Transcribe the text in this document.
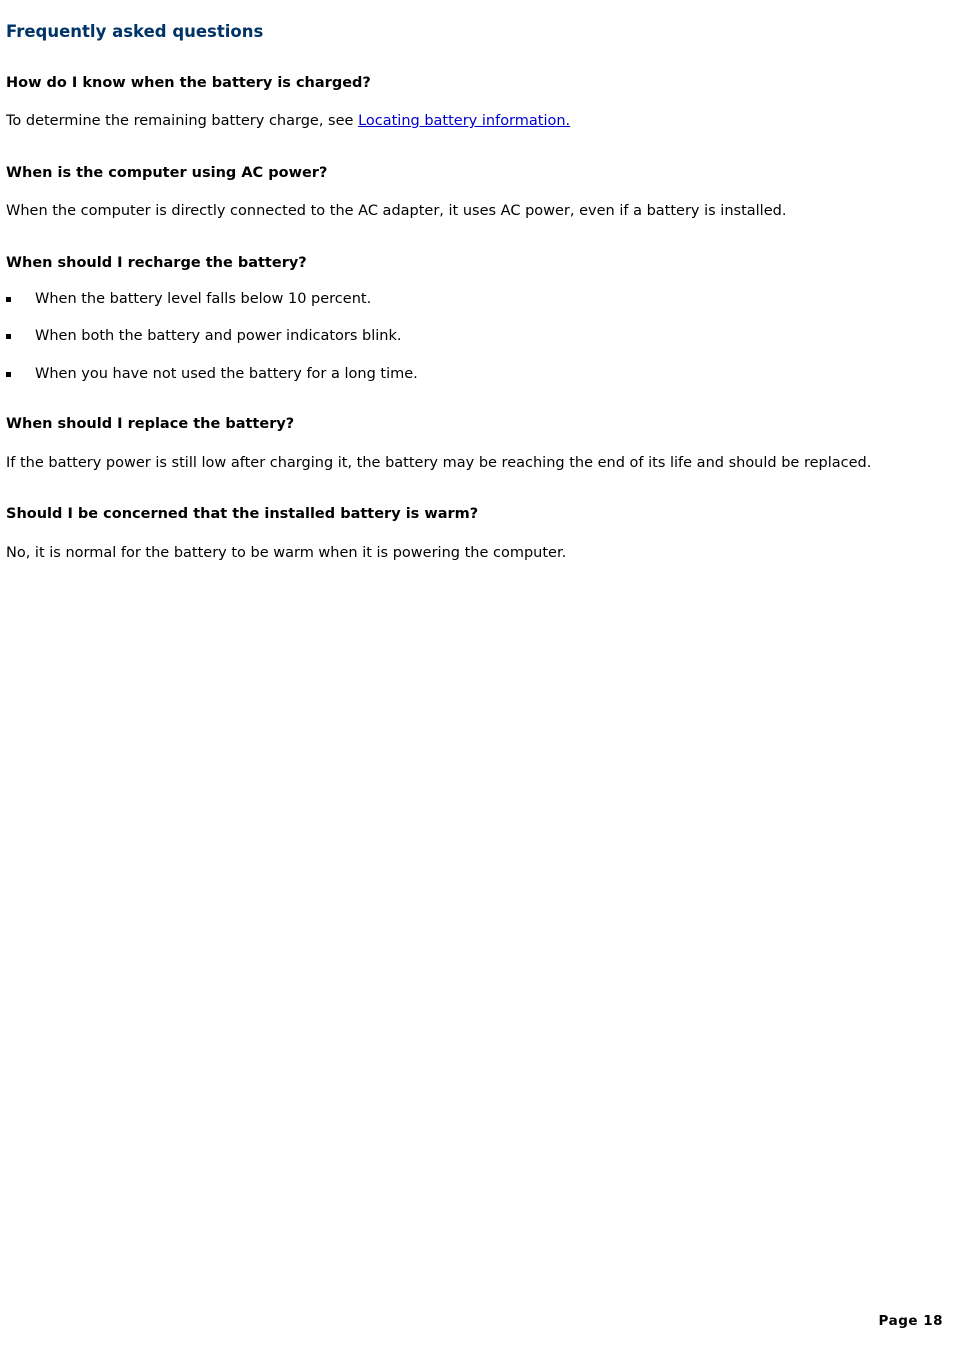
Frequently asked questions
How do I know when the battery is charged?

To determine the remaining battery charge, see Locating battery information.

When is the computer using AC power?

When the computer is directly connected to the AC adapter, it uses AC power, even if a battery is installed.

When should I recharge the battery?
When the battery level falls below 10 percent.
When both the battery and power indicators blink.
When you have not used the battery for a long time.
When should I replace the battery?

If the battery power is still low after charging it, the battery may be reaching the end of its life and should be replaced.

Should I be concerned that the installed battery is warm?

No, it is normal for the battery to be warm when it is powering the computer.

Page 18
